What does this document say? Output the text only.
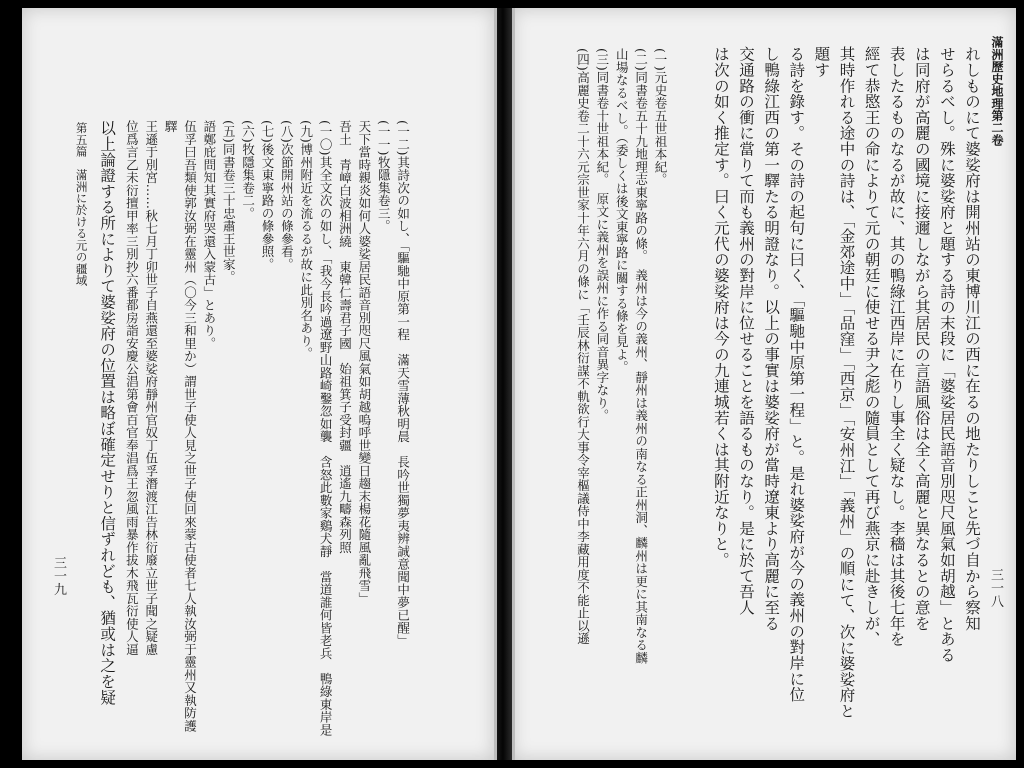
三一九
第五篇　滿洲に於ける元の疆域 以上論證する所によりて婆娑府の位置は略ぼ確定せりと信ずれども、猶或は之を疑	(一二)其詩次の如し、「驅馳中原第一程　滿天雪薄秋明晨　長吟世獨夢夷辨誠意聞中夢已醒」
(一一)牧隱集卷三。
天下當時親炎如何人婆娑居民語音別咫尺風氣如胡越嗚呼世變日趨末楊花隨風亂飛雪」
吾土　青嶂白波相洲繞　東韓仁壽君子國　始祖箕子受封疆　逍遙九疇森列照　
(一〇)其全文次の如し、「我今長吟過遼野山路崎鑿忽如襲　含怒此數家鷄犬靜　當道誰何皆老兵　鴨綠東岸是
(九)博州附近を流るるが故に此別名あり。
(八)次節開州站の條參看。
(七)後文東寧路の條參照。
(六)牧隱集卷二。
(五)同書卷三十忠肅王世家。
語鄭庇問知其實府哭還入蒙古」とあり。
伍孚曰吾類使郭汝弼在靈州（〇今三和里か）謂世子使人見之世子使回來蒙古使者七人執汝弼于靈州又執防護驛
王遜于別宮……秋七月丁卯世子自燕還至婆娑府靜州官奴丁伍孚潛渡江告林衍廢立世子聞之疑慮
位爲言乙未衍擅甲率三別抄六番都房詣安慶公淐第會百官奉淐爲王忽風雨暴作拔木飛瓦衍使人逼
滿洲歷史地理第二卷
三一八
れしものにて婆娑府は開州站の東博川江の西に在るの地たりしこと先づ自から察知
せらるべし。殊に婆娑府と題する詩の末段に「婆娑居民語音別咫尺風氣如胡越」とある
は同府が高麗の國境に接邇しながら其居民の言語風俗は全く高麗と異なるとの意を
表したるものなるが故に、其の鴨綠江西岸に在りし事全く疑なし。李穡は其後七年を
經て恭愍王の命によりて元の朝廷に使せる尹之彪の隨員として再び燕京に赴きしが、
其時作れる途中の詩は、「金郊途中」「品窪」「西京」「安州江」「義州」の順にて、次に婆娑府と題す
る詩を錄す。その詩の起句に曰く、「驅馳中原第一程」と。是れ婆娑府が今の義州の對岸に位
し鴨綠江西の第一驛たる明證なり。以上の事實は婆娑府が當時遼東より高麗に至る
交通路の衝に當りて而も義州の對岸に位せることを語るものなり。是に於て吾人
は次の如く推定す。曰く元代の婆娑府は今の九連城若くは其附近なりと。
(一)元史卷五世祖本紀。
(二)同書卷五十九地理志東寧路の條。　義州は今の義州、靜州は義州の南なる正州洞、麟州は更に其南なる麟
山場なるべし。（委しくは後文東寧路に關する條を見よ。
(三)同書卷十世祖本紀。　原文に義州を誤州に作る同音異字なり。
(四)高麗史卷二十六元宗世家十年六月の條に「壬辰林衍謀不軌欲行大事令宰樞議侍中李藏用度不能止以遜
